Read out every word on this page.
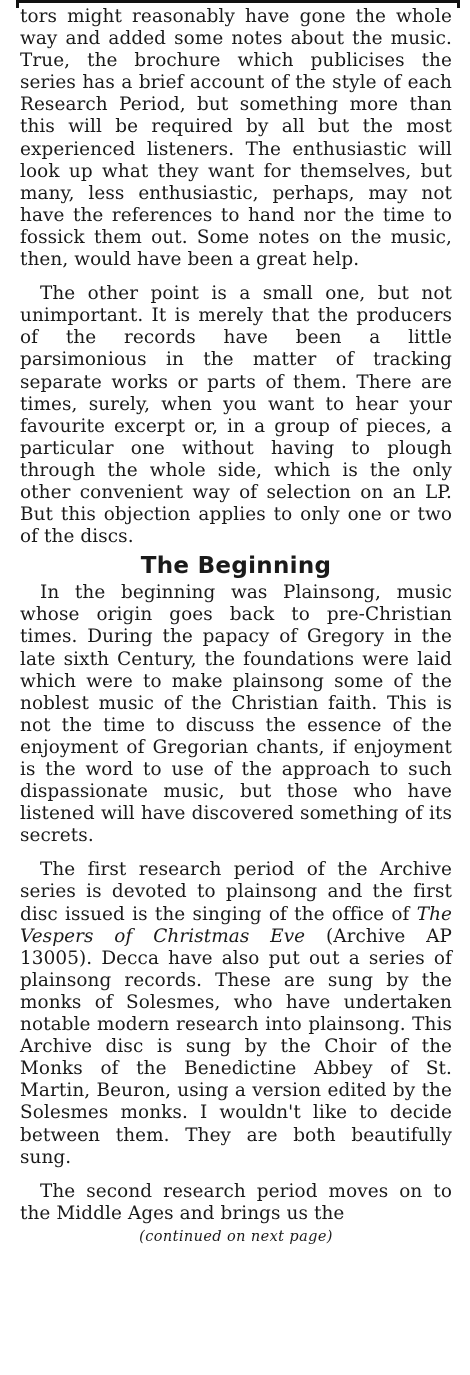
tors might reasonably have gone the whole way and added some notes about the music. True, the brochure which publicises the series has a brief account of the style of each Research Period, but something more than this will be required by all but the most experienced listeners. The enthusiastic will look up what they want for themselves, but many, less enthusiastic, perhaps, may not have the references to hand nor the time to fossick them out. Some notes on the music, then, would have been a great help.

The other point is a small one, but not unimportant. It is merely that the producers of the records have been a little parsimonious in the matter of tracking separate works or parts of them. There are times, surely, when you want to hear your favourite excerpt or, in a group of pieces, a particular one without having to plough through the whole side, which is the only other convenient way of selection on an LP. But this objection applies to only one or two of the discs.

The Beginning

In the beginning was Plainsong, music whose origin goes back to pre-Christian times. During the papacy of Gregory in the late sixth Century, the foundations were laid which were to make plainsong some of the noblest music of the Christian faith. This is not the time to discuss the essence of the enjoyment of Gregorian chants, if enjoyment is the word to use of the approach to such dispassionate music, but those who have listened will have discovered something of its secrets.

The first research period of the Archive series is devoted to plainsong and the first disc issued is the singing of the office of The Vespers of Christmas Eve (Archive AP 13005). Decca have also put out a series of plainsong records. These are sung by the monks of Solesmes, who have undertaken notable modern research into plainsong. This Archive disc is sung by the Choir of the Monks of the Benedictine Abbey of St. Martin, Beuron, using a version edited by the Solesmes monks. I wouldn't like to decide between them. They are both beautifully sung.

The second research period moves on to the Middle Ages and brings us the

(continued on next page)
